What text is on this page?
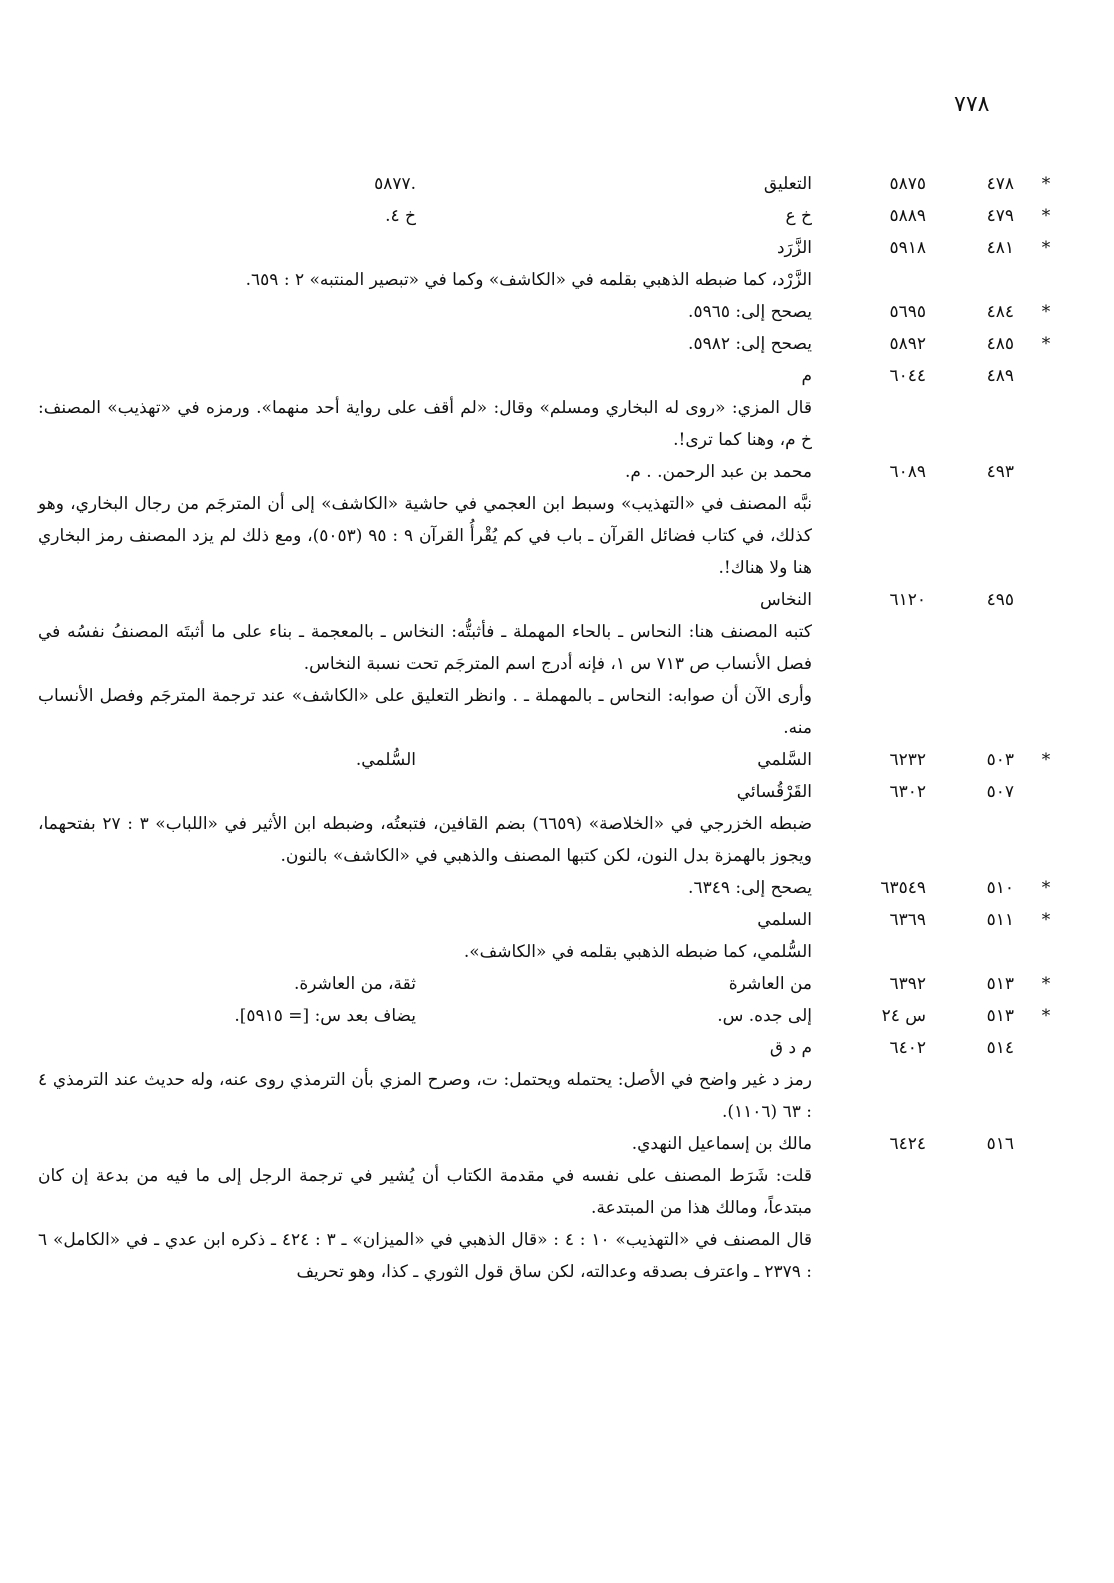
٧٧٨
*
٤٧٨
٥٨٧٥
التعليق
.٥٨٧٧
*
٤٧٩
٥٨٨٩
خ ع
خ ٤.
*
٤٨١
٥٩١٨
الزَّرَد
الزَّرْد، كما ضبطه الذهبي بقلمه في «الكاشف» وكما في «تبصير المنتبه» ٢ : ٦٥٩.
*
٤٨٤
٥٦٩٥
يصحح إلى: ٥٩٦٥.
*
٤٨٥
٥٨٩٢
يصحح إلى: ٥٩٨٢.
٤٨٩
٦٠٤٤
م
قال المزي: «روى له البخاري ومسلم» وقال: «لم أقف على رواية أحد منهما». ورمزه في «تهذيب» المصنف: خ م، وهنا كما ترى!.
٤٩٣
٦٠٨٩
محمد بن عبد الرحمن. . م.
نبَّه المصنف في «التهذيب» وسبط ابن العجمي في حاشية «الكاشف» إلى أن المترجَم من رجال البخاري، وهو كذلك، في كتاب فضائل القرآن ـ باب في كم يُقْرأُ القرآن ٩ : ٩٥ (٥٠٥٣)، ومع ذلك لم يزد المصنف رمز البخاري هنا ولا هناك!.
٤٩٥
٦١٢٠
النخاس
كتبه المصنف هنا: النحاس ـ بالحاء المهملة ـ فأثبتُّه: النخاس ـ بالمعجمة ـ بناء على ما أثبتَه المصنفُ نفسُه في فصل الأنساب ص ٧١٣ س ١، فإنه أدرج اسم المترجَم تحت نسبة النخاس.
وأرى الآن أن صوابه: النحاس ـ بالمهملة ـ . وانظر التعليق على «الكاشف» عند ترجمة المترجَم وفصل الأنساب منه.
*
٥٠٣
٦٢٣٢
السَّلمي
السُّلمي.
٥٠٧
٦٣٠٢
القَرْقُسائي
ضبطه الخزرجي في «الخلاصة» (٦٦٥٩) بضم القافين، فتبعتُه، وضبطه ابن الأثير في «اللباب» ٣ : ٢٧ بفتحهما، ويجوز بالهمزة بدل النون، لكن كتبها المصنف والذهبي في «الكاشف» بالنون.
*
٥١٠
٦٣٥٤٩
يصحح إلى: ٦٣٤٩.
*
٥١١
٦٣٦٩
السلمي
السُّلمي، كما ضبطه الذهبي بقلمه في «الكاشف».
*
٥١٣
٦٣٩٢
من العاشرة
ثقة، من العاشرة.
*
٥١٣
س ٢٤
إلى جده. س.
يضاف بعد س: [= ٥٩١٥].
٥١٤
٦٤٠٢
م د ق
رمز د غير واضح في الأصل: يحتمله ويحتمل: ت، وصرح المزي بأن الترمذي روى عنه، وله حديث عند الترمذي ٤ : ٦٣ (١١٠٦).
٥١٦
٦٤٢٤
مالك بن إسماعيل النهدي.
قلت: شَرَط المصنف على نفسه في مقدمة الكتاب أن يُشير في ترجمة الرجل إلى ما فيه من بدعة إن كان مبتدعاً، ومالك هذا من المبتدعة.
قال المصنف في «التهذيب» ١٠ : ٤ : «قال الذهبي في «الميزان» ـ ٣ : ٤٢٤ ـ ذكره ابن عدي ـ في «الكامل» ٦ : ٢٣٧٩ ـ واعترف بصدقه وعدالته، لكن ساق قول الثوري ـ كذا، وهو تحريف
